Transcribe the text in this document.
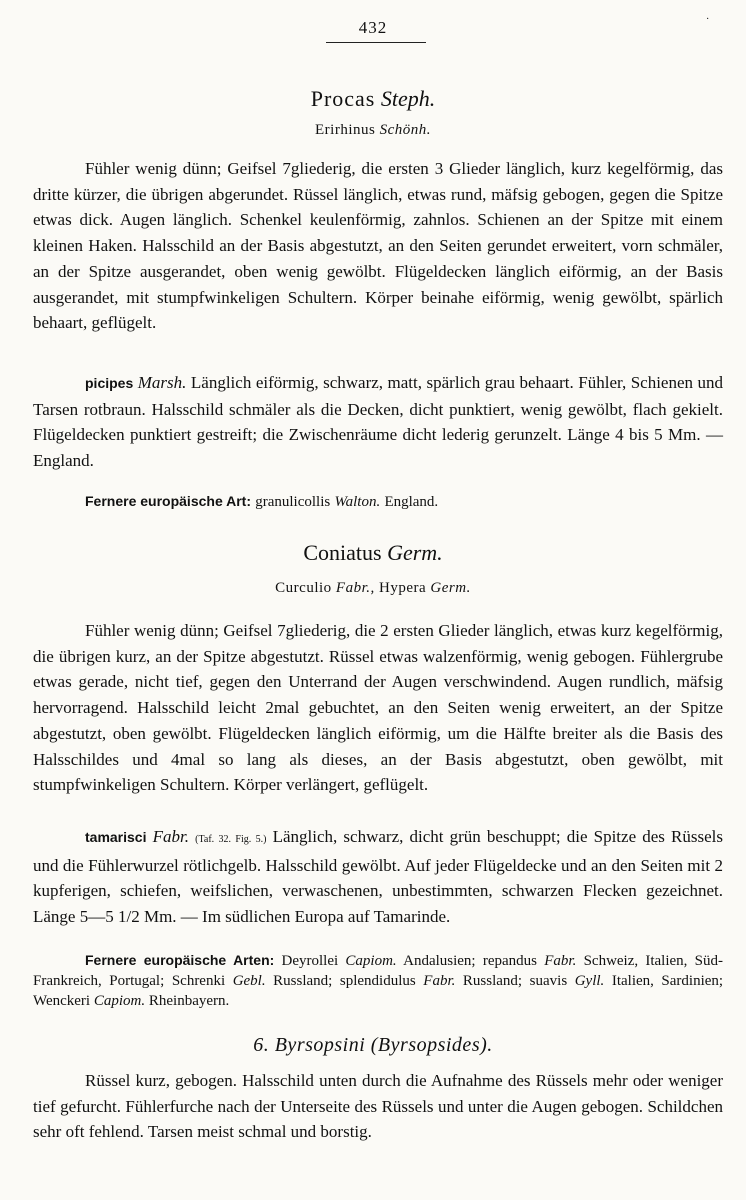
432	·
Procas Steph.
Erirhinus Schönh.

Fühler wenig dünn; Geifsel 7gliederig, die ersten 3 Glieder länglich, kurz kegelförmig, das dritte kürzer, die übrigen abgerundet. Rüssel länglich, etwas rund, mäfsig gebogen, gegen die Spitze etwas dick. Augen länglich. Schenkel keulenförmig, zahnlos. Schienen an der Spitze mit einem kleinen Haken. Halsschild an der Basis abgestutzt, an den Seiten gerundet erweitert, vorn schmäler, an der Spitze ausgerandet, oben wenig gewölbt. Flügeldecken länglich eiförmig, an der Basis ausgerandet, mit stumpfwinkeligen Schultern. Körper beinahe eiförmig, wenig gewölbt, spärlich behaart, geflügelt.

picipes Marsh. Länglich eiförmig, schwarz, matt, spärlich grau behaart. Fühler, Schienen und Tarsen rotbraun. Halsschild schmäler als die Decken, dicht punktiert, wenig gewölbt, flach gekielt. Flügeldecken punktiert gestreift; die Zwischenräume dicht lederig gerunzelt. Länge 4 bis 5 Mm. — England.

Fernere europäische Art: granulicollis Walton. England.

Coniatus Germ.
Curculio Fabr., Hypera Germ.

Fühler wenig dünn; Geifsel 7gliederig, die 2 ersten Glieder länglich, etwas kurz kegelförmig, die übrigen kurz, an der Spitze abgestutzt. Rüssel etwas walzenförmig, wenig gebogen. Fühlergrube etwas gerade, nicht tief, gegen den Unterrand der Augen verschwindend. Augen rundlich, mäfsig hervorragend. Halsschild leicht 2mal gebuchtet, an den Seiten wenig erweitert, an der Spitze abgestutzt, oben gewölbt. Flügeldecken länglich eiförmig, um die Hälfte breiter als die Basis des Halsschildes und 4mal so lang als dieses, an der Basis abgestutzt, oben gewölbt, mit stumpfwinkeligen Schultern. Körper verlängert, geflügelt.

tamarisci Fabr. (Taf. 32. Fig. 5.) Länglich, schwarz, dicht grün beschuppt; die Spitze des Rüssels und die Fühlerwurzel rötlichgelb. Halsschild gewölbt. Auf jeder Flügeldecke und an den Seiten mit 2 kupferigen, schiefen, weifslichen, verwaschenen, unbestimmten, schwarzen Flecken gezeichnet. Länge 5—5 1/2 Mm. — Im südlichen Europa auf Tamarinde.

Fernere europäische Arten: Deyrollei Capiom. Andalusien; repandus Fabr. Schweiz, Italien, Süd-Frankreich, Portugal; Schrenki Gebl. Russland; splendidulus Fabr. Russland; suavis Gyll. Italien, Sardinien; Wenckeri Capiom. Rheinbayern.

6. Byrsopsini (Byrsopsides).

Rüssel kurz, gebogen. Halsschild unten durch die Aufnahme des Rüssels mehr oder weniger tief gefurcht. Fühlerfurche nach der Unterseite des Rüssels und unter die Augen gebogen. Schildchen sehr oft fehlend. Tarsen meist schmal und borstig.
